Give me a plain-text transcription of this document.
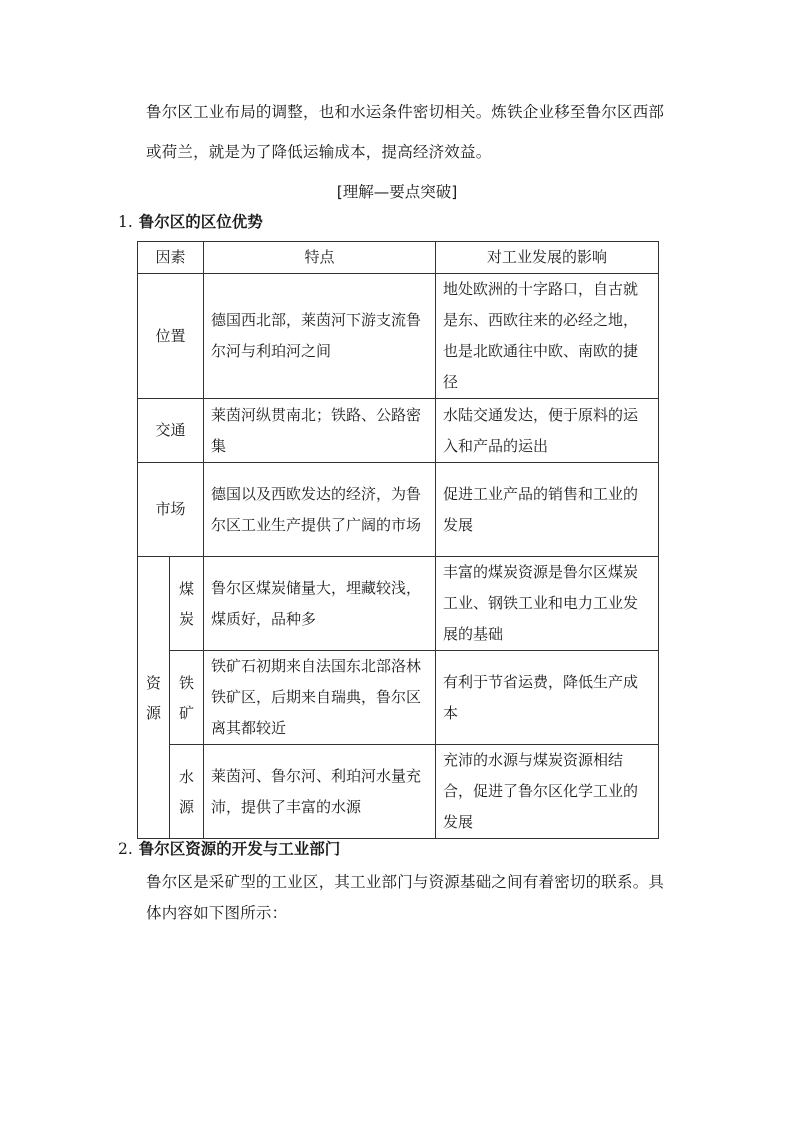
鲁尔区工业布局的调整，也和水运条件密切相关。炼铁企业移至鲁尔区西部
或荷兰，就是为了降低运输成本，提高经济效益。
[理解—要点突破]
1. 鲁尔区的区位优势
因素		特点	对工业发展的影响
位置		德国西北部，莱茵河下游支流鲁尔河与利珀河之间	地处欧洲的十字路口，自古就是东、西欧往来的必经之地，也是北欧通往中欧、南欧的捷径
交通		莱茵河纵贯南北；铁路、公路密集	水陆交通发达，便于原料的运入和产品的运出
市场		德国以及西欧发达的经济，为鲁尔区工业生产提供了广阔的市场	促进工业产品的销售和工业的发展
资源	煤炭	鲁尔区煤炭储量大，埋藏较浅，煤质好，品种多	丰富的煤炭资源是鲁尔区煤炭工业、钢铁工业和电力工业发展的基础
	铁矿	铁矿石初期来自法国东北部洛林铁矿区，后期来自瑞典，鲁尔区离其都较近	有利于节省运费，降低生产成本
	水源	莱茵河、鲁尔河、利珀河水量充沛，提供了丰富的水源	充沛的水源与煤炭资源相结合，促进了鲁尔区化学工业的发展
2. 鲁尔区资源的开发与工业部门
鲁尔区是采矿型的工业区，其工业部门与资源基础之间有着密切的联系。具
体内容如下图所示：
